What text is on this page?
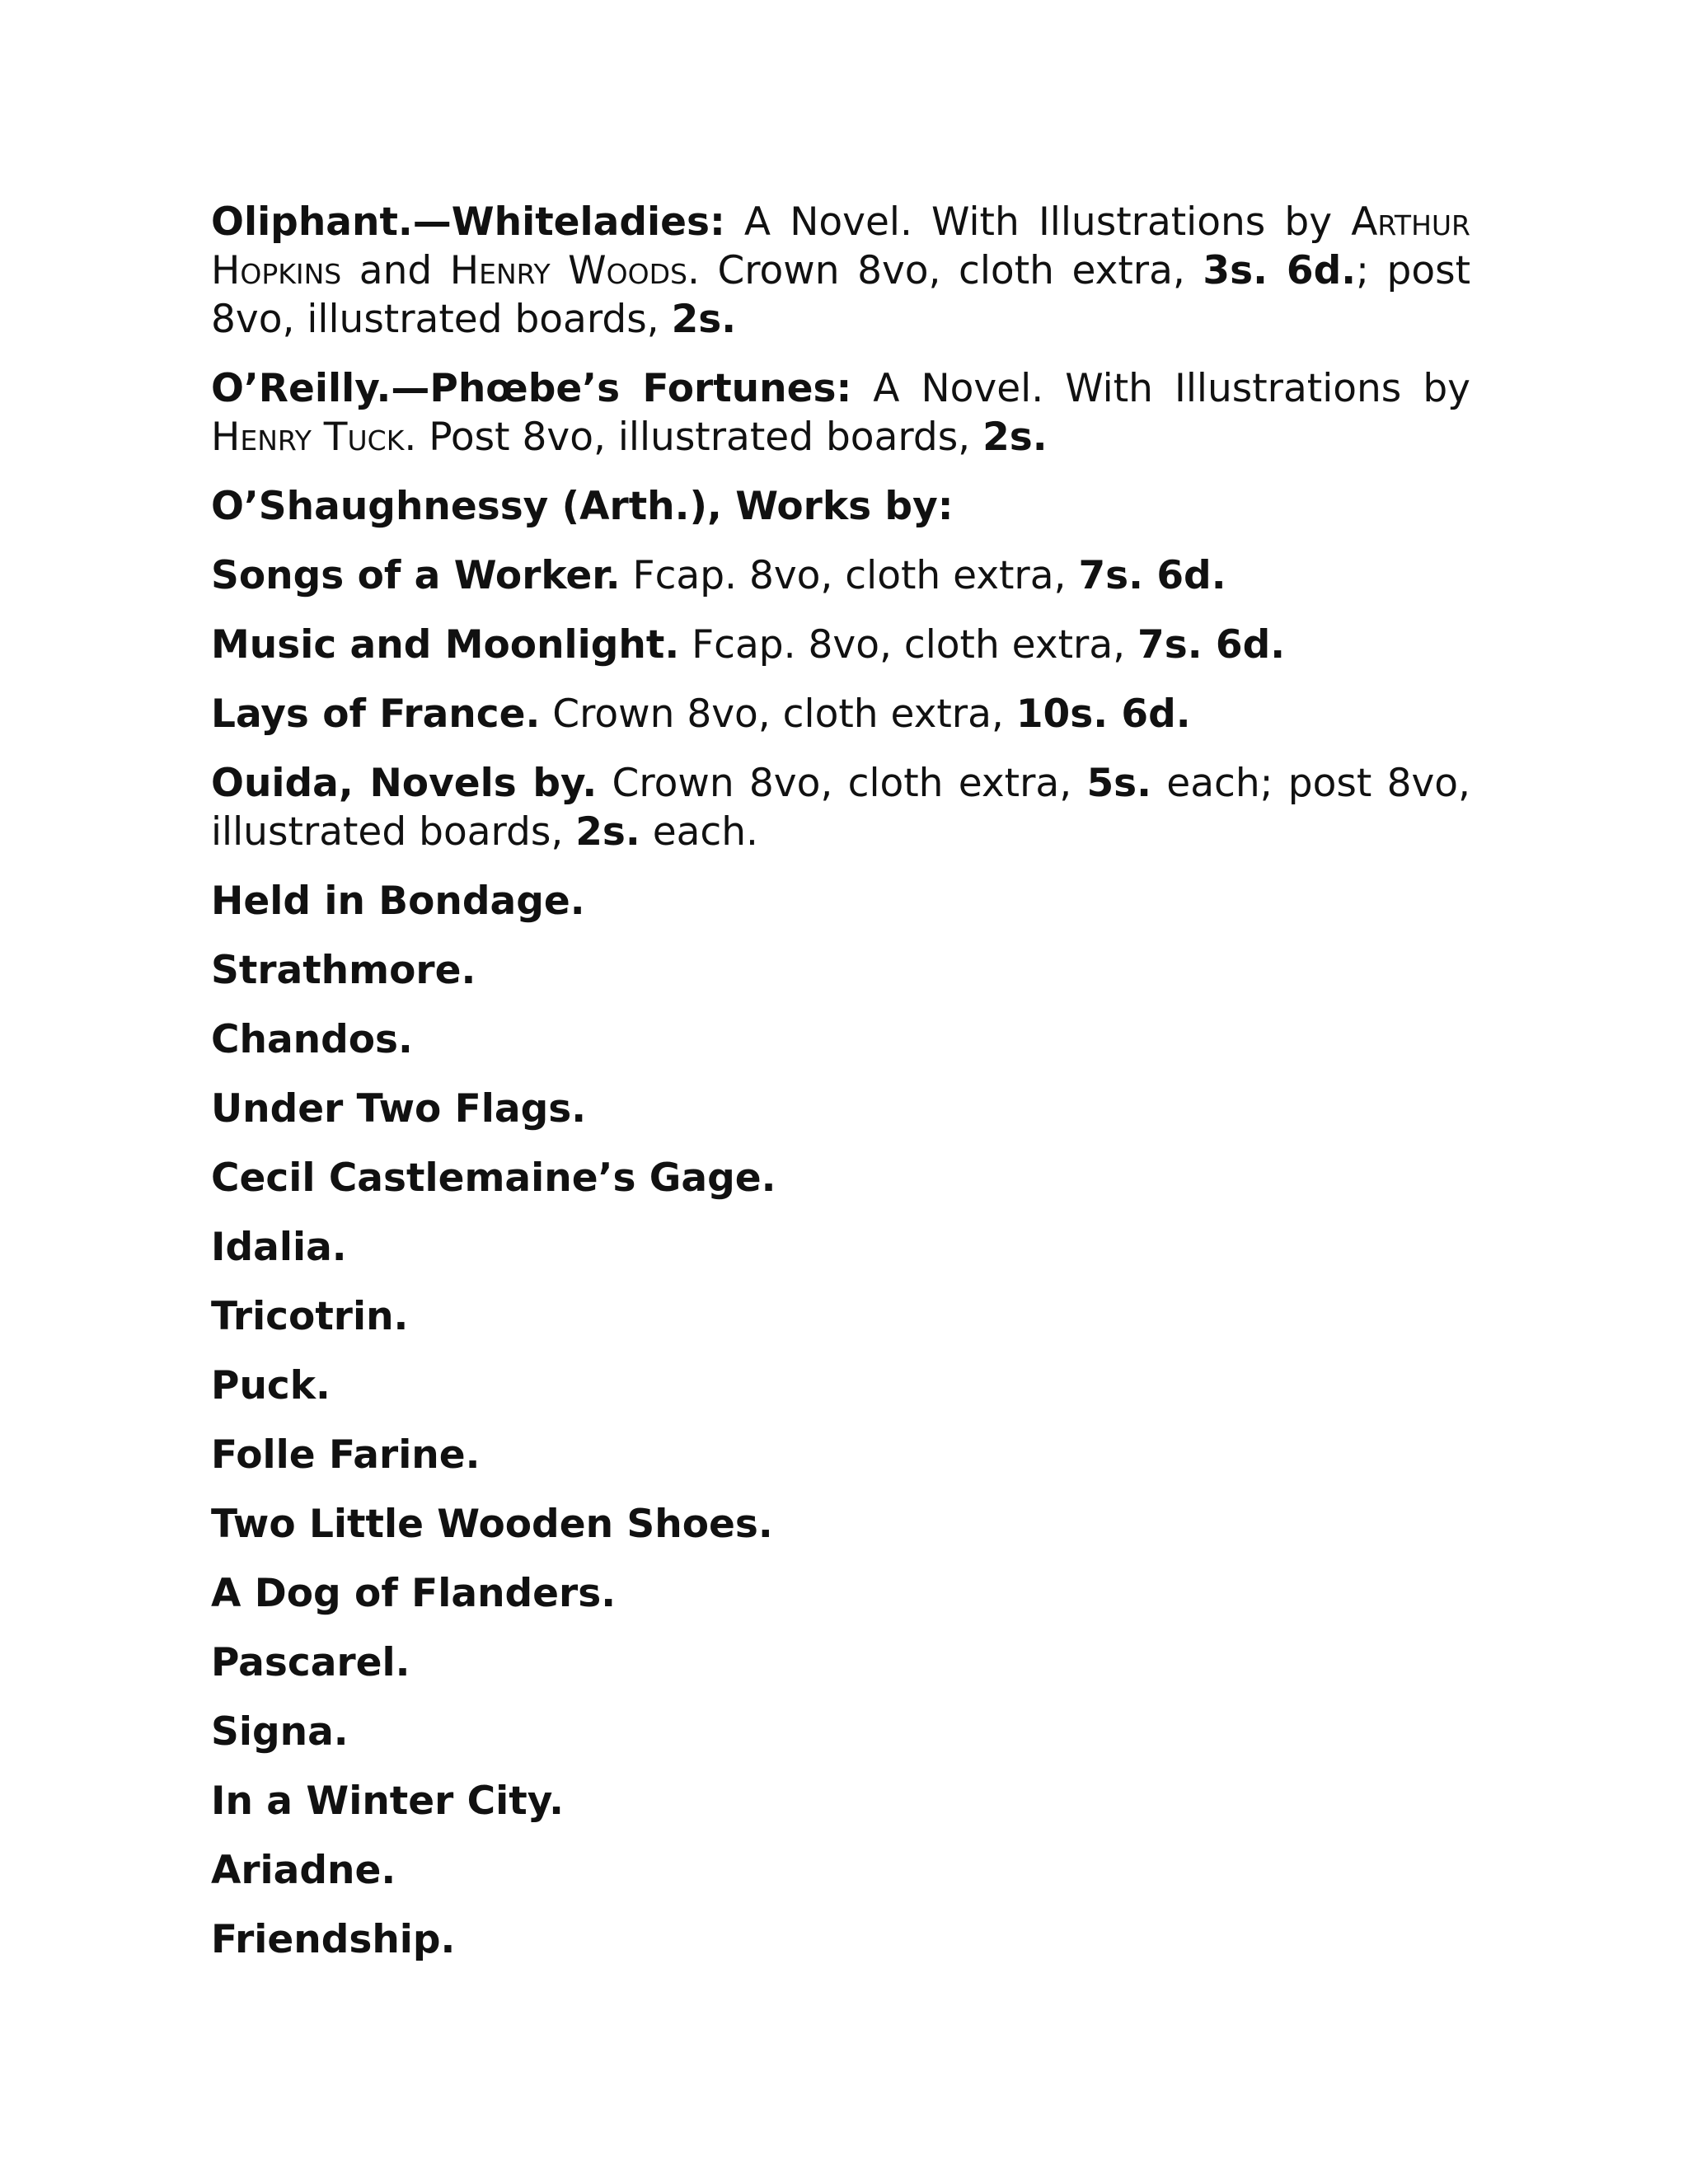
Oliphant.—Whiteladies: A Novel. With Illustrations by Arthur Hopkins and Henry Woods. Crown 8vo, cloth extra, 3s. 6d.; post 8vo, illustrated boards, 2s.

O’Reilly.—Phœbe’s Fortunes: A Novel. With Illustrations by Henry Tuck. Post 8vo, illustrated boards, 2s.

O’Shaughnessy (Arth.), Works by:

Songs of a Worker. Fcap. 8vo, cloth extra, 7s. 6d.

Music and Moonlight. Fcap. 8vo, cloth extra, 7s. 6d.

Lays of France. Crown 8vo, cloth extra, 10s. 6d.

Ouida, Novels by. Crown 8vo, cloth extra, 5s. each; post 8vo, illustrated boards, 2s. each.

Held in Bondage.

Strathmore.

Chandos.

Under Two Flags.

Cecil Castlemaine’s Gage.

Idalia.

Tricotrin.

Puck.

Folle Farine.

Two Little Wooden Shoes.

A Dog of Flanders.

Pascarel.

Signa.

In a Winter City.

Ariadne.

Friendship.
